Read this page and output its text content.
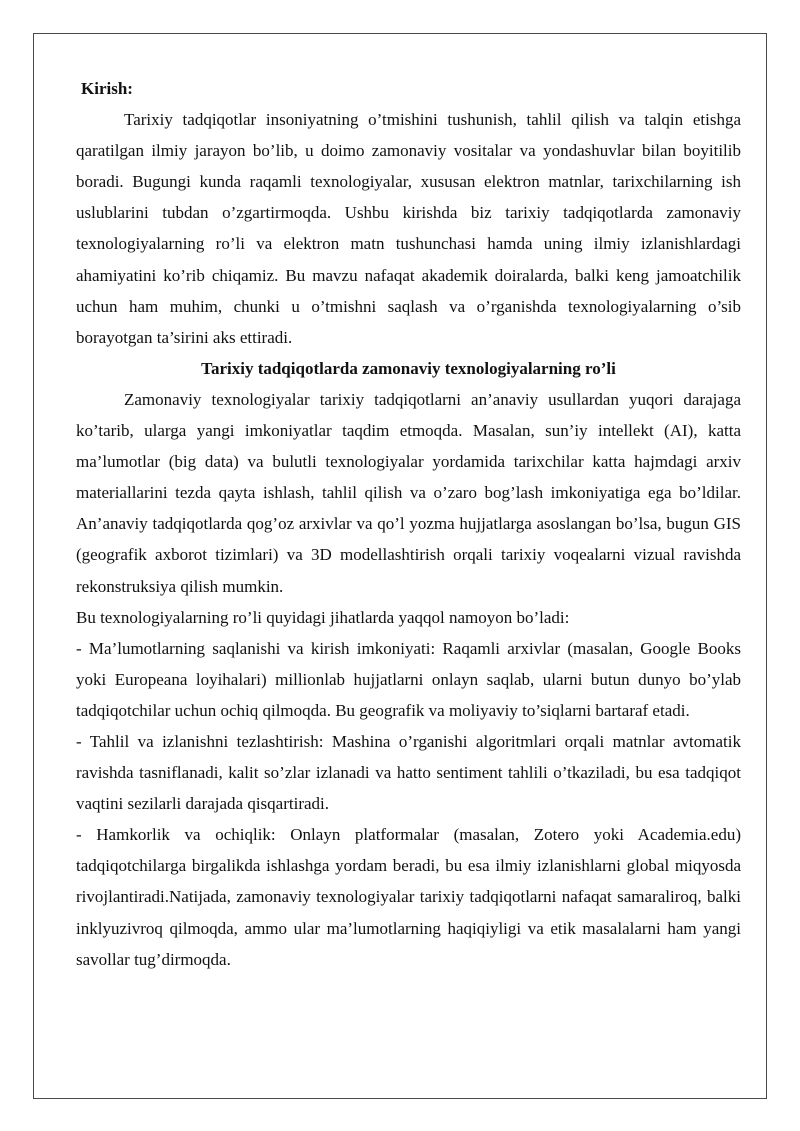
Kirish:

Tarixiy tadqiqotlar insoniyatning o’tmishini tushunish, tahlil qilish va talqin etishga qaratilgan ilmiy jarayon bo’lib, u doimo zamonaviy vositalar va yondashuvlar bilan boyitilib boradi. Bugungi kunda raqamli texnologiyalar, xususan elektron matnlar, tarixchilarning ish uslublarini tubdan o’zgartirmoqda. Ushbu kirishda biz tarixiy tadqiqotlarda zamonaviy texnologiyalarning ro’li va elektron matn tushunchasi hamda uning ilmiy izlanishlardagi ahamiyatini ko’rib chiqamiz. Bu mavzu nafaqat akademik doiralarda, balki keng jamoatchilik uchun ham muhim, chunki u o’tmishni saqlash va o’rganishda texnologiyalarning o’sib borayotgan ta’sirini aks ettiradi.

Tarixiy tadqiqotlarda zamonaviy texnologiyalarning ro’li

Zamonaviy texnologiyalar tarixiy tadqiqotlarni an’anaviy usullardan yuqori darajaga ko’tarib, ularga yangi imkoniyatlar taqdim etmoqda. Masalan, sun’iy intellekt (AI), katta ma’lumotlar (big data) va bulutli texnologiyalar yordamida tarixchilar katta hajmdagi arxiv materiallarini tezda qayta ishlash, tahlil qilish va o’zaro bog’lash imkoniyatiga ega bo’ldilar. An’anaviy tadqiqotlarda qog’oz arxivlar va qo’l yozma hujjatlarga asoslangan bo’lsa, bugun GIS (geografik axborot tizimlari) va 3D modellashtirish orqali tarixiy voqealarni vizual ravishda rekonstruksiya qilish mumkin.

Bu texnologiyalarning ro’li quyidagi jihatlarda yaqqol namoyon bo’ladi:

- Ma’lumotlarning saqlanishi va kirish imkoniyati: Raqamli arxivlar (masalan, Google Books yoki Europeana loyihalari) millionlab hujjatlarni onlayn saqlab, ularni butun dunyo bo’ylab tadqiqotchilar uchun ochiq qilmoqda. Bu geografik va moliyaviy to’siqlarni bartaraf etadi.

- Tahlil va izlanishni tezlashtirish: Mashina o’rganishi algoritmlari orqali matnlar avtomatik ravishda tasniflanadi, kalit so’zlar izlanadi va hatto sentiment tahlili o’tkaziladi, bu esa tadqiqot vaqtini sezilarli darajada qisqartiradi.

- Hamkorlik va ochiqlik: Onlayn platformalar (masalan, Zotero yoki Academia.edu) tadqiqotchilarga birgalikda ishlashga yordam beradi, bu esa ilmiy izlanishlarni global miqyosda rivojlantiradi.Natijada, zamonaviy texnologiyalar tarixiy tadqiqotlarni nafaqat samaraliroq, balki inklyuzivroq qilmoqda, ammo ular ma’lumotlarning haqiqiyligi va etik masalalarni ham yangi savollar tug’dirmoqda.
